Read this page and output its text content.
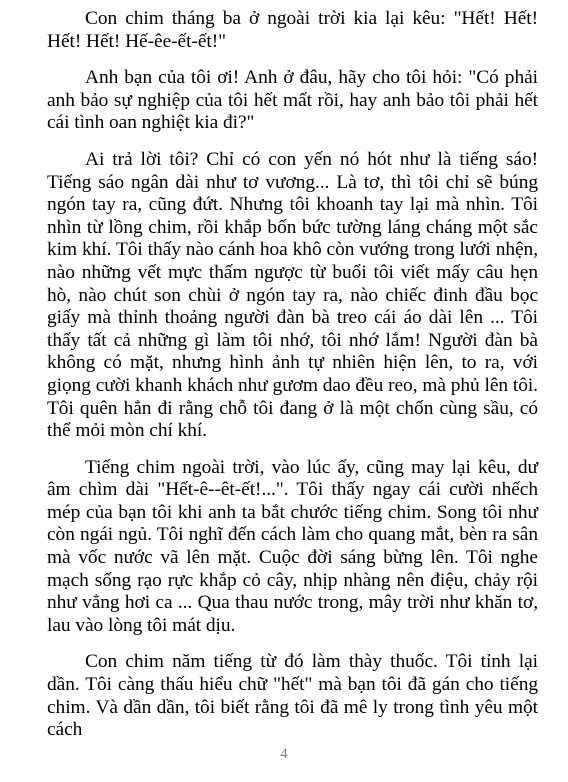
Con chim tháng ba ở ngoài trời kia lại kêu: "Hết! Hết! Hết! Hết! Hế-êe-ết-ết!"

Anh bạn của tôi ơi! Anh ở đâu, hãy cho tôi hỏi: "Có phải anh bảo sự nghiệp của tôi hết mất rồi, hay anh bảo tôi phải hết cái tình oan nghiệt kia đi?"

Ai trả lời tôi? Chỉ có con yến nó hót như là tiếng sáo! Tiếng sáo ngân dài như tơ vương... Là tơ, thì tôi chỉ sẽ búng ngón tay ra, cũng đứt. Nhưng tôi khoanh tay lại mà nhìn. Tôi nhìn từ lồng chim, rồi khắp bốn bức tường láng cháng một sắc kim khí. Tôi thấy nào cánh hoa khô còn vướng trong lưới nhện, nào những vết mực thấm ngược từ buổi tôi viết mấy câu hẹn hò, nào chút son chùi ở ngón tay ra, nào chiếc đinh đầu bọc giấy mà thỉnh thoảng người đàn bà treo cái áo dài lên ... Tôi thấy tất cả những gì làm tôi nhớ, tôi nhớ lắm! Người đàn bà không có mặt, nhưng hình ảnh tự nhiên hiện lên, to ra, với giọng cười khanh khách như gươm dao đều reo, mà phủ lên tôi. Tôi quên hẳn đi rằng chỗ tôi đang ở là một chốn cùng sầu, có thể mỏi mòn chí khí.

Tiếng chim ngoài trời, vào lúc ấy, cũng may lại kêu, dư âm chìm dài "Hết-ê--êt-ết!...". Tôi thấy ngay cái cười nhếch mép của bạn tôi khi anh ta bắt chước tiếng chim. Song tôi như còn ngái ngủ. Tôi nghĩ đến cách làm cho quang mắt, bèn ra sân mà vốc nước vã lên mặt. Cuộc đời sáng bừng lên. Tôi nghe mạch sống rạo rực khắp cỏ cây, nhịp nhàng nên điệu, chảy rội như vẳng hơi ca ... Qua thau nước trong, mây trời như khăn tơ, lau vào lòng tôi mát dịu.

Con chim năm tiếng từ đó làm thày thuốc. Tôi tỉnh lại dần. Tôi càng thấu hiểu chữ "hết" mà bạn tôi đã gán cho tiếng chim. Và dần dần, tôi biết rằng tôi đã mê ly trong tình yêu một cách

4
